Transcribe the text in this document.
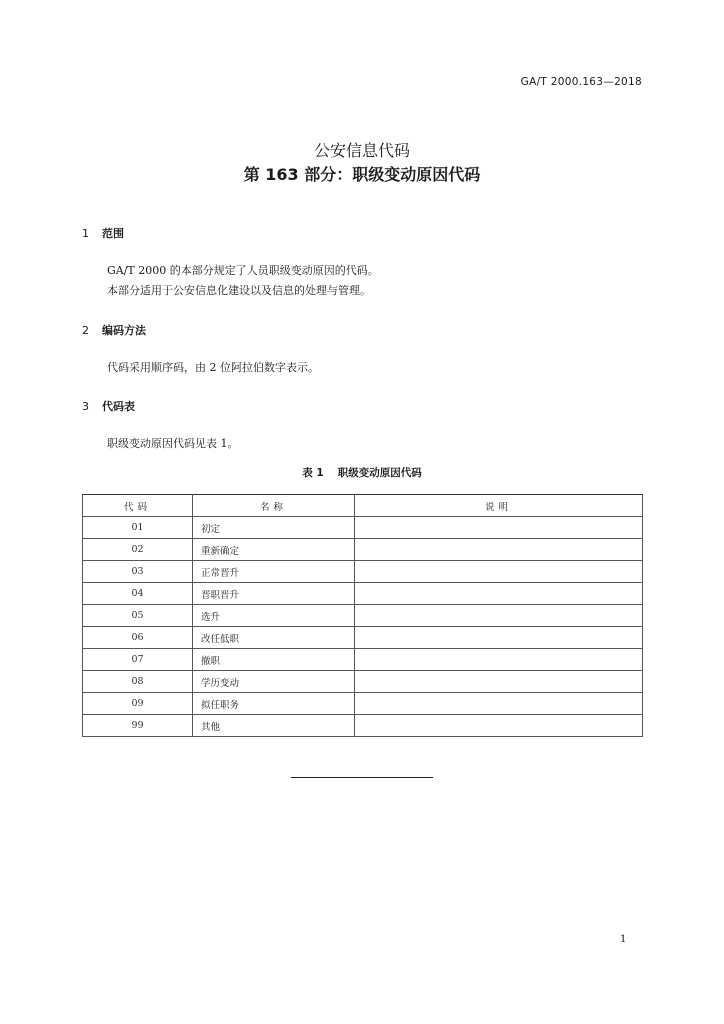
GA/T 2000.163—2018
公安信息代码
第 163 部分：职级变动原因代码
1 范围
GA/T 2000 的本部分规定了人员职级变动原因的代码。
本部分适用于公安信息化建设以及信息的处理与管理。
2 编码方法
代码采用顺序码，由 2 位阿拉伯数字表示。
3 代码表
职级变动原因代码见表 1。
表 1 职级变动原因代码
代码	名称	说明
01	初定	
02	重新确定	
03	正常晋升	
04	晋职晋升	
05	选升	
06	改任低职	
07	撤职	
08	学历变动	
09	拟任职务	
99	其他	
1
